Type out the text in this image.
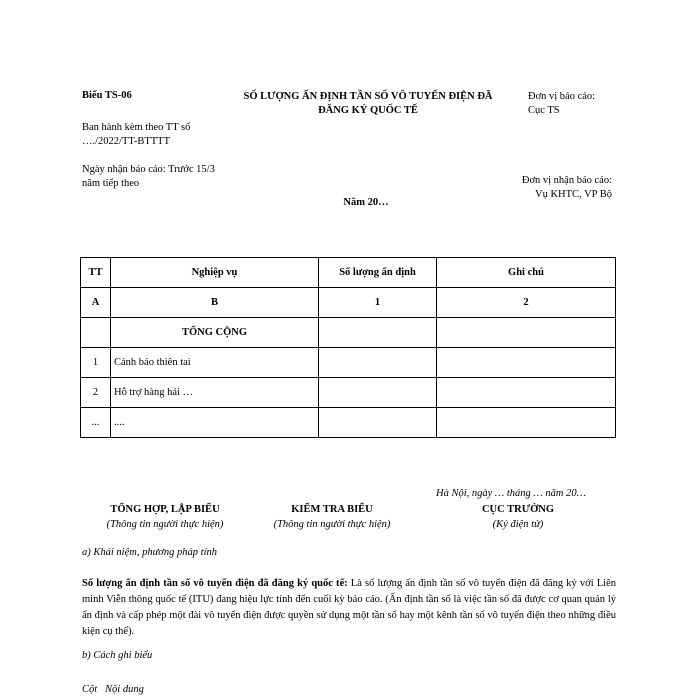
Biểu TS-06	SỐ LƯỢNG ẤN ĐỊNH TẦN SỐ VÔ TUYẾN ĐIỆN ĐÃ
ĐĂNG KÝ QUỐC TẾ
Đơn vị báo cáo:
Cục TS
Ban hành kèm theo TT số
…./2022/TT-BTTTT
Ngày nhận báo cáo: Trước 15/3
năm tiếp theo	Đơn vị nhận báo cáo:
Vụ KHTC, VP Bộ
Năm 20…
TT	Nghiệp vụ	Số lượng ấn định	Ghi chú
A	B	1	2
	TỔNG CỘNG		
1	Cảnh báo thiên tai		
2	Hỗ trợ hàng hải …		
...	....		
Hà Nội, ngày … tháng … năm 20…
TỔNG HỢP, LẬP BIỂU
(Thông tin người thực hiện)
KIỂM TRA BIỂU
(Thông tin người thực hiện)
CỤC TRƯỞNG
(Ký điện tử)
a) Khái niệm, phương pháp tính
Số lượng ấn định tần số vô tuyến điện đã đăng ký quốc tế: Là số lượng ấn định tần số vô tuyến điện đã đăng ký với Liên minh Viễn thông quốc tế (ITU) đang hiệu lực tính đến cuối kỳ báo cáo. (Ấn định tần số là việc tần số đã được cơ quan quản lý ấn định và cấp phép một đài vô tuyến điện được quyền sử dụng một tần số hay một kênh tần số vô tuyến điện theo những điều kiện cụ thể).
b) Cách ghi biểu
Cột Nội dung
